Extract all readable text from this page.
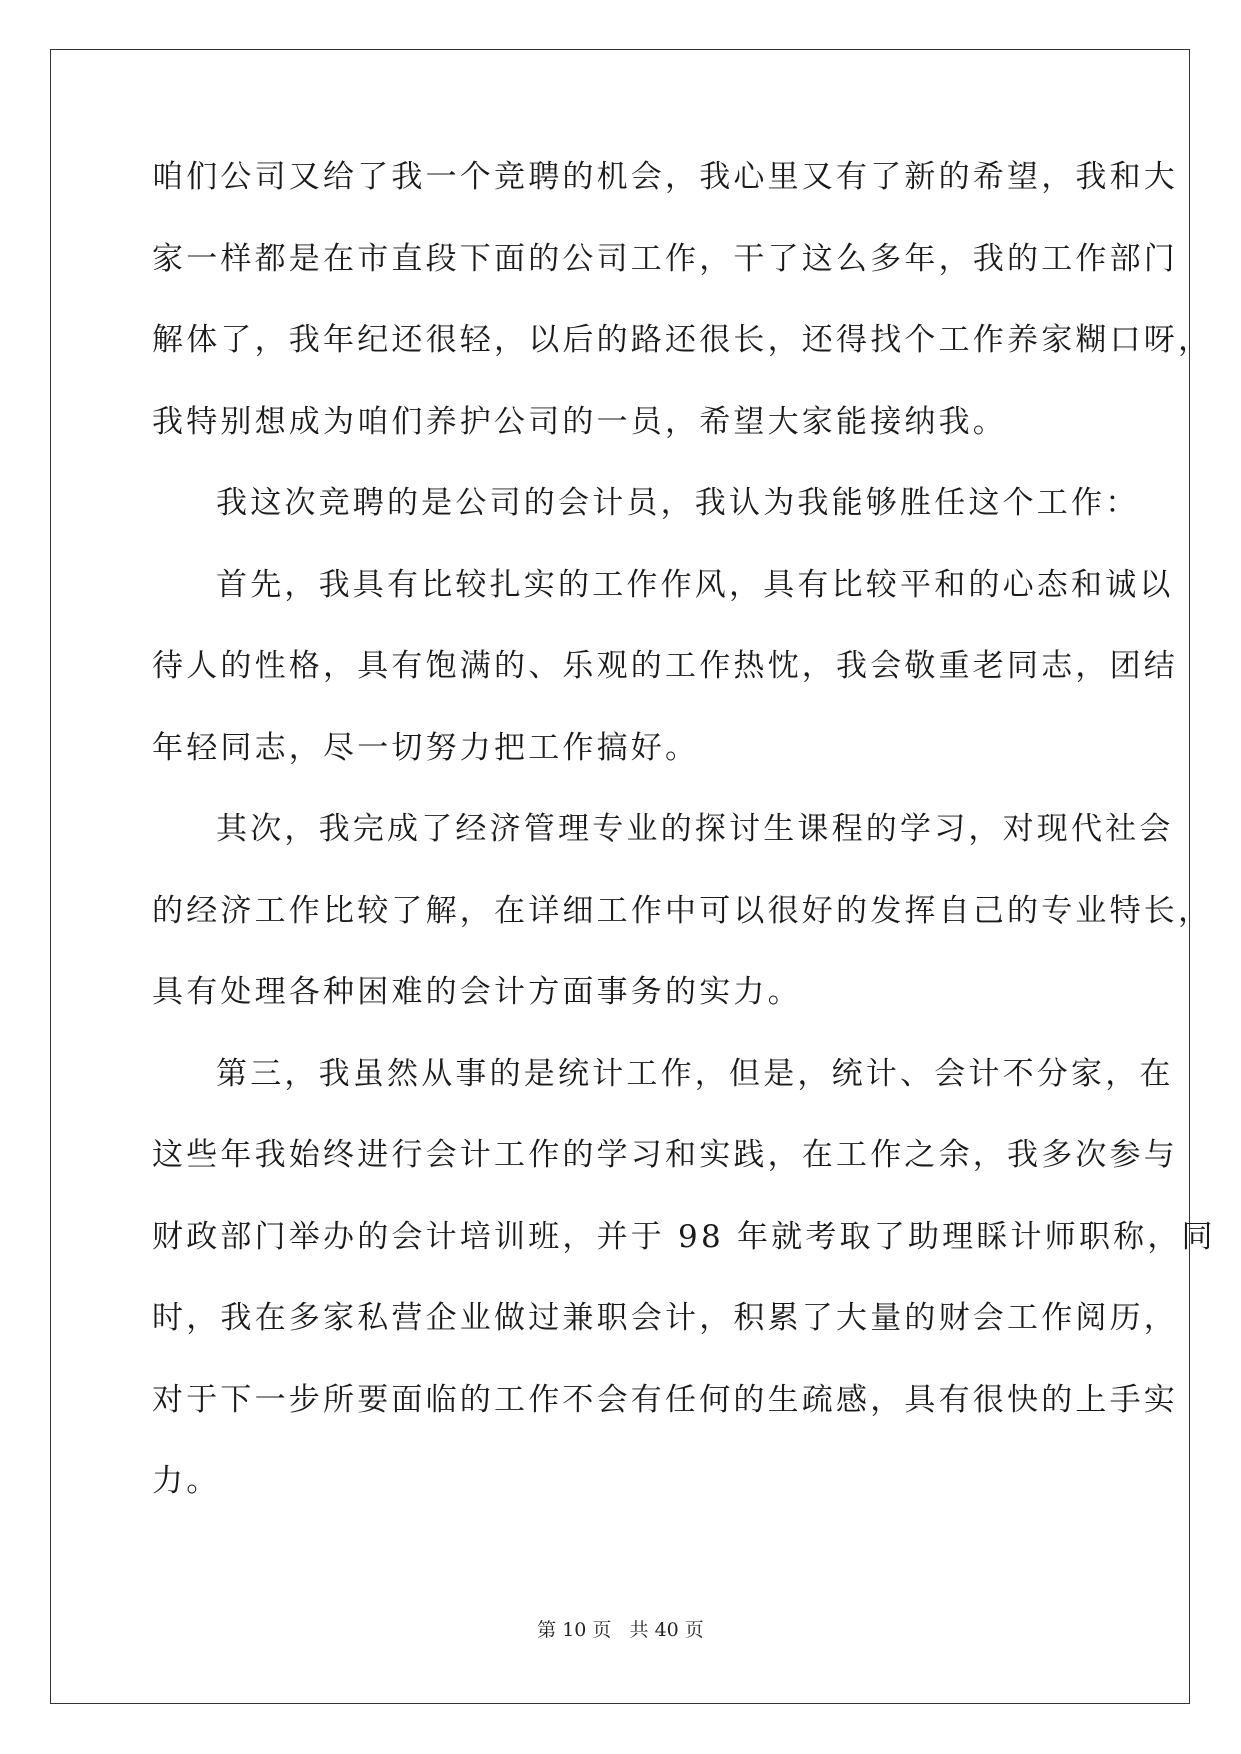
咱们公司又给了我一个竞聘的机会，我心里又有了新的希望，我和大
家一样都是在市直段下面的公司工作，干了这么多年，我的工作部门
解体了，我年纪还很轻，以后的路还很长，还得找个工作养家糊口呀，
我特别想成为咱们养护公司的一员，希望大家能接纳我。
我这次竞聘的是公司的会计员，我认为我能够胜任这个工作：
首先，我具有比较扎实的工作作风，具有比较平和的心态和诚以
待人的性格，具有饱满的、乐观的工作热忱，我会敬重老同志，团结
年轻同志，尽一切努力把工作搞好。
其次，我完成了经济管理专业的探讨生课程的学习，对现代社会
的经济工作比较了解，在详细工作中可以很好的发挥自己的专业特长，
具有处理各种困难的会计方面事务的实力。
第三，我虽然从事的是统计工作，但是，统计、会计不分家，在
这些年我始终进行会计工作的学习和实践，在工作之余，我多次参与
财政部门举办的会计培训班，并于 98 年就考取了助理睬计师职称，同
时，我在多家私营企业做过兼职会计，积累了大量的财会工作阅历，
对于下一步所要面临的工作不会有任何的生疏感，具有很快的上手实
力。
第 10 页   共 40 页
